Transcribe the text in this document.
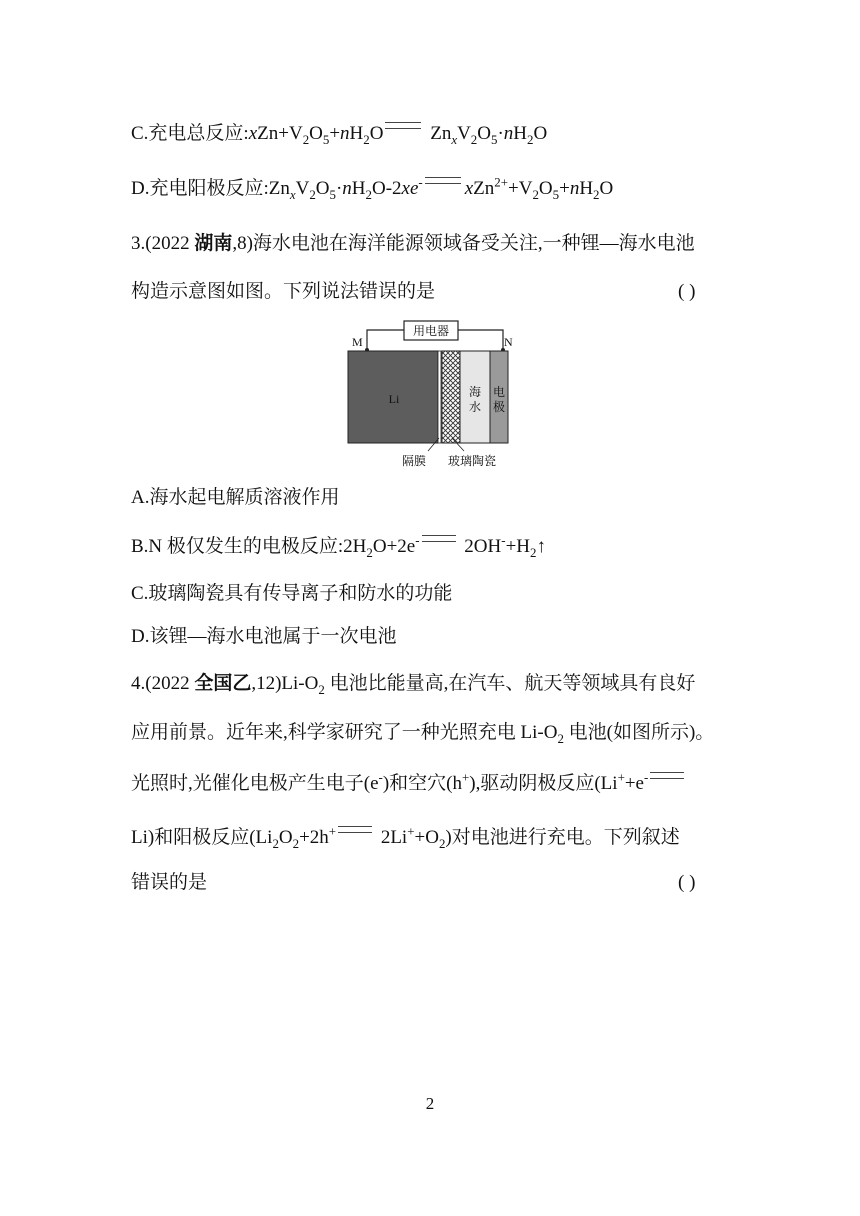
C.充电总反应$:xZn+V_2O_5+nH_2O$ $Zn_xV_2O_5\cdot nH_2O$
D.充电阳极反应$:Zn_xV_2O_5\cdot nH_2O-2xe^-$ $xZn^{2+}+V_2O_5+nH_2O$
3.(2022 湖南,8)海水电池在海洋能源领域备受关注,一种锂—海水电池
构造示意图如图。下列说法错误的是	( )
用电器
M	N
Li	海
水
电
极
隔膜 玻璃陶瓷
A.海水起电解质溶液作用
B.N 极仅发生的电极反应$:2H_2O+2e^-$ $2OH^-+H_2↑$
C.玻璃陶瓷具有传导离子和防水的功能
D.该锂—海水电池属于一次电池
4.(2022 全国乙$,12)Li-O_2$ 电池比能量高,在汽车、航天等领域具有良好
应用前景。近年来,科学家研究了一种光照充电 $Li-O_2$ 电池(如图所示)。
光照时,光催化电极产生电子(e-)和空穴(h+),驱动阴极反应(Li++e-
Li)和阳极反应($Li_2O_2+2h^+$ $2Li^++O_2$)对电池进行充电。下列叙述
错误的是	( )
2
